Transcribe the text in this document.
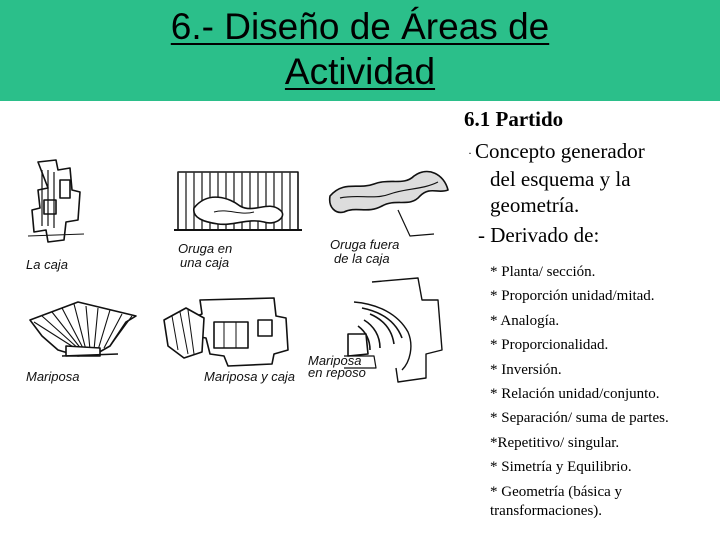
6.- Diseño de Áreas de
Actividad
La caja
Oruga en
una caja
Oruga fuera
de la caja
Mariposa	Mariposa y caja
Mariposa
en reposo
6.1 Partido
· Concepto generador
del esquema y la
geometría.
- Derivado de:
* Planta/ sección.
* Proporción unidad/mitad.
* Analogía.
* Proporcionalidad.
* Inversión.
* Relación unidad/conjunto.
* Separación/ suma de partes.
*Repetitivo/ singular.
* Simetría y Equilibrio.
* Geometría (básica y transformaciones).
